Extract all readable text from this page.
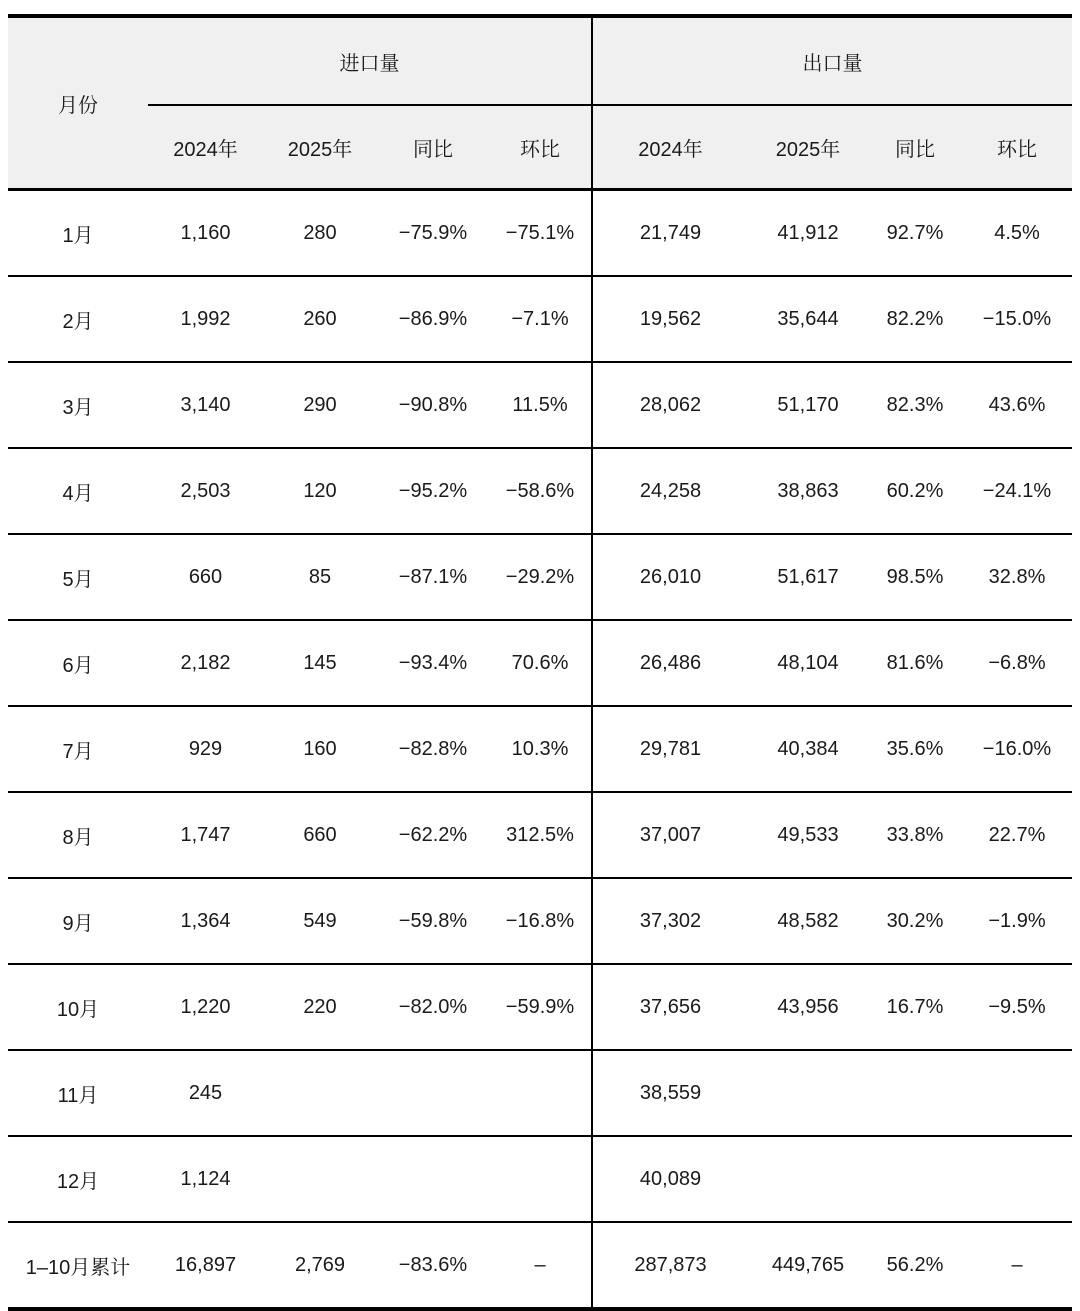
月份	进口量				出口量			
	2024年	2025年	同比	环比	2024年	2025年	同比	环比
1月	1,160	280	−75.9%	−75.1%	21,749	41,912	92.7%	4.5%
2月	1,992	260	−86.9%	−7.1%	19,562	35,644	82.2%	−15.0%
3月	3,140	290	−90.8%	11.5%	28,062	51,170	82.3%	43.6%
4月	2,503	120	−95.2%	−58.6%	24,258	38,863	60.2%	−24.1%
5月	660	85	−87.1%	−29.2%	26,010	51,617	98.5%	32.8%
6月	2,182	145	−93.4%	70.6%	26,486	48,104	81.6%	−6.8%
7月	929	160	−82.8%	10.3%	29,781	40,384	35.6%	−16.0%
8月	1,747	660	−62.2%	312.5%	37,007	49,533	33.8%	22.7%
9月	1,364	549	−59.8%	−16.8%	37,302	48,582	30.2%	−1.9%
10月	1,220	220	−82.0%	−59.9%	37,656	43,956	16.7%	−9.5%
11月	245				38,559			
12月	1,124				40,089			
1–10月累计	16,897	2,769	−83.6%	–	287,873	449,765	56.2%	–
